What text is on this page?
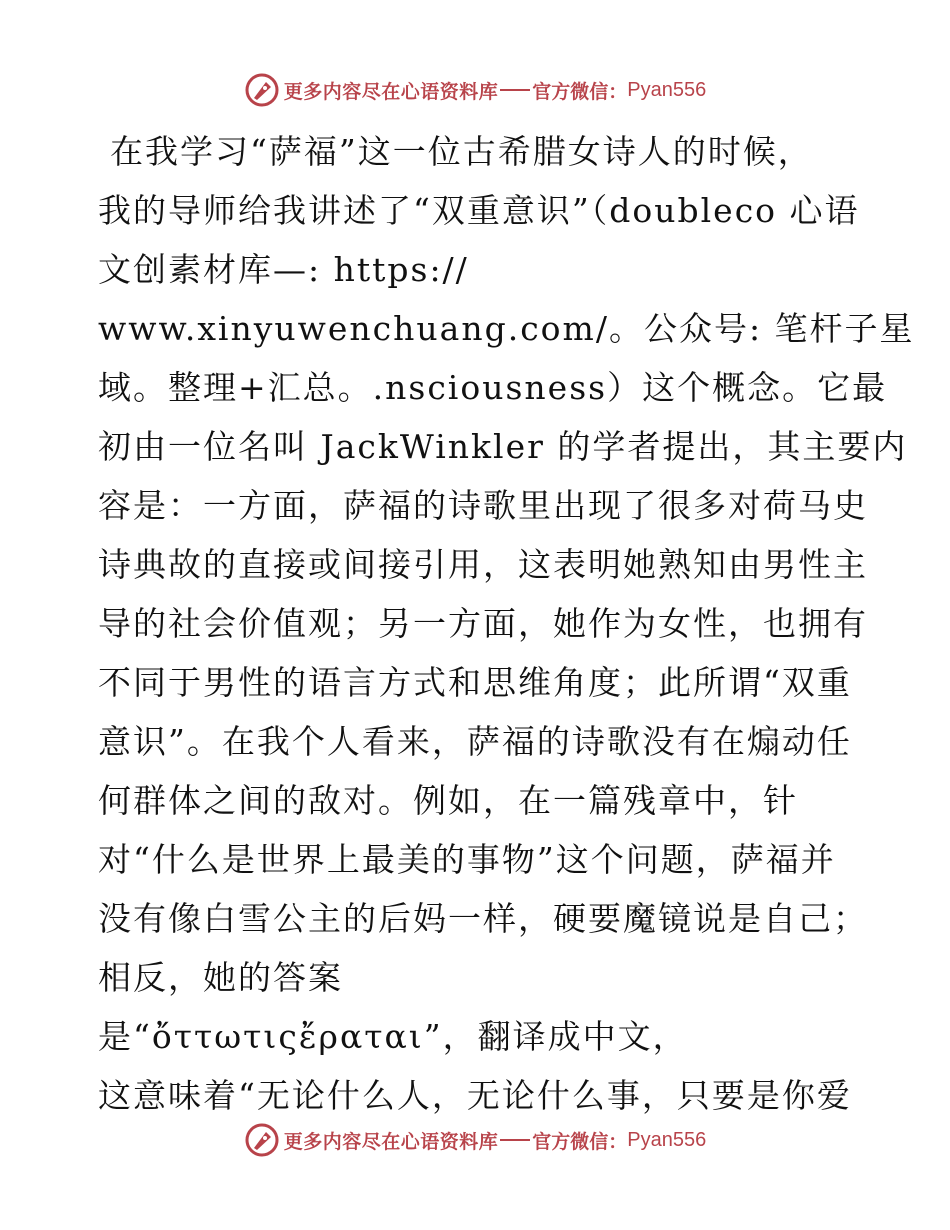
更多内容尽在心语资料库 官方微信： Pyan556
在我学习“萨福”这一位古希腊女诗人的时候，
我的导师给我讲述了“双重意识”（doubleco 心语
文创素材库—: https://
www.xinyuwenchuang.com/。公众号: 笔杆子星
域。整理+汇总。.nsciousness）这个概念。它最
初由一位名叫 JackWinkler 的学者提出，其主要内
容是：一方面，萨福的诗歌里出现了很多对荷马史
诗典故的直接或间接引用，这表明她熟知由男性主
导的社会价值观；另一方面，她作为女性，也拥有
不同于男性的语言方式和思维角度；此所谓“双重
意识”。在我个人看来，萨福的诗歌没有在煽动任
何群体之间的敌对。例如，在一篇残章中，针
对“什么是世界上最美的事物”这个问题，萨福并
没有像白雪公主的后妈一样，硬要魔镜说是自己；
相反，她的答案
是“ὄττωτιςἔραται”，翻译成中文，
这意味着“无论什么人，无论什么事，只要是你爱
更多内容尽在心语资料库 官方微信： Pyan556
